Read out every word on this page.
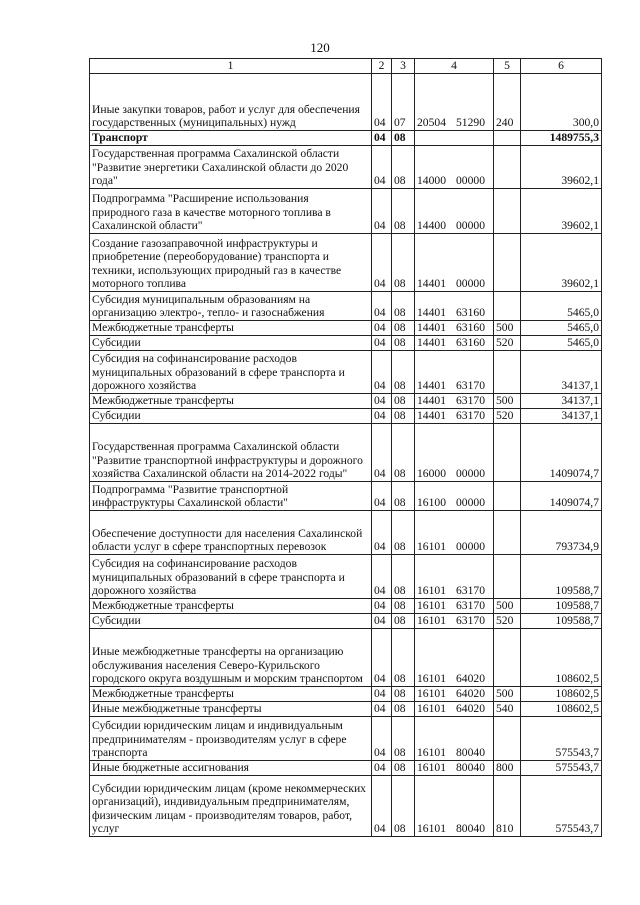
120
1	2	3	4	5	6
Иные закупки товаров, работ и услуг для обеспечения государственных (муниципальных) нужд	04	07	20504 51290	240	300,0
Транспорт	04	08			1489755,3
Государственная программа Сахалинской области "Развитие энергетики Сахалинской области до 2020 года"	04	08	14000 00000		39602,1
Подпрограмма "Расширение использования природного газа в качестве моторного топлива в Сахалинской области"	04	08	14400 00000		39602,1
Создание газозаправочной инфраструктуры и приобретение (переоборудование) транспорта и техники, использующих природный газ в качестве моторного топлива	04	08	14401 00000		39602,1
Субсидия муниципальным образованиям на организацию электро-, тепло- и газоснабжения	04	08	14401 63160		5465,0
Межбюджетные трансферты	04	08	14401 63160	500	5465,0
Субсидии	04	08	14401 63160	520	5465,0
Субсидия на софинансирование расходов муниципальных образований в сфере транспорта и дорожного хозяйства	04	08	14401 63170		34137,1
Межбюджетные трансферты	04	08	14401 63170	500	34137,1
Субсидии	04	08	14401 63170	520	34137,1
Государственная программа Сахалинской области "Развитие транспортной инфраструктуры и дорожного хозяйства Сахалинской области на 2014-2022 годы"	04	08	16000 00000		1409074,7
Подпрограмма "Развитие транспортной инфраструктуры Сахалинской области"	04	08	16100 00000		1409074,7
Обеспечение доступности для населения Сахалинской области услуг в сфере транспортных перевозок	04	08	16101 00000		793734,9
Субсидия на софинансирование расходов муниципальных образований в сфере транспорта и дорожного хозяйства	04	08	16101 63170		109588,7
Межбюджетные трансферты	04	08	16101 63170	500	109588,7
Субсидии	04	08	16101 63170	520	109588,7
Иные межбюджетные трансферты на организацию обслуживания населения Северо-Курильского городского округа воздушным и морским транспортом	04	08	16101 64020		108602,5
Межбюджетные трансферты	04	08	16101 64020	500	108602,5
Иные межбюджетные трансферты	04	08	16101 64020	540	108602,5
Субсидии юридическим лицам и индивидуальным предпринимателям - производителям услуг в сфере транспорта	04	08	16101 80040		575543,7
Иные бюджетные ассигнования	04	08	16101 80040	800	575543,7
Субсидии юридическим лицам (кроме некоммерческих организаций), индивидуальным предпринимателям, физическим лицам - производителям товаров, работ, услуг	04	08	16101 80040	810	575543,7
